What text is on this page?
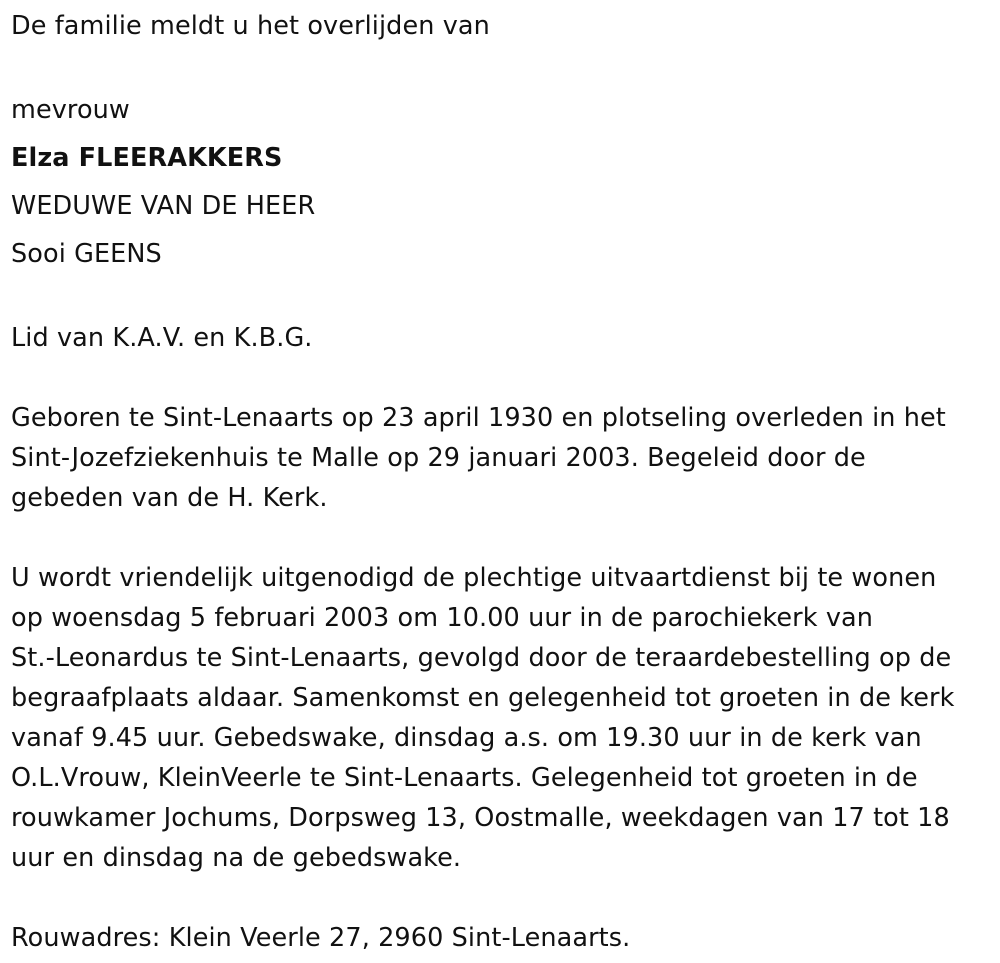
De familie meldt u het overlijden van

mevrouw

Elza FLEERAKKERS

WEDUWE VAN DE HEER

Sooi GEENS

Lid van K.A.V. en K.B.G.

Geboren te Sint-Lenaarts op 23 april 1930 en plotseling overleden in het

Sint-Jozefziekenhuis te Malle op 29 januari 2003. Begeleid door de

gebeden van de H. Kerk.

U wordt vriendelijk uitgenodigd de plechtige uitvaartdienst bij te wonen

op woensdag 5 februari 2003 om 10.00 uur in de parochiekerk van

St.-Leonardus te Sint-Lenaarts, gevolgd door de teraardebestelling op de

begraafplaats aldaar. Samenkomst en gelegenheid tot groeten in de kerk

vanaf 9.45 uur. Gebedswake, dinsdag a.s. om 19.30 uur in de kerk van

O.L.Vrouw, KleinVeerle te Sint-Lenaarts. Gelegenheid tot groeten in de

rouwkamer Jochums, Dorpsweg 13, Oostmalle, weekdagen van 17 tot 18

uur en dinsdag na de gebedswake.

Rouwadres: Klein Veerle 27, 2960 Sint-Lenaarts.
